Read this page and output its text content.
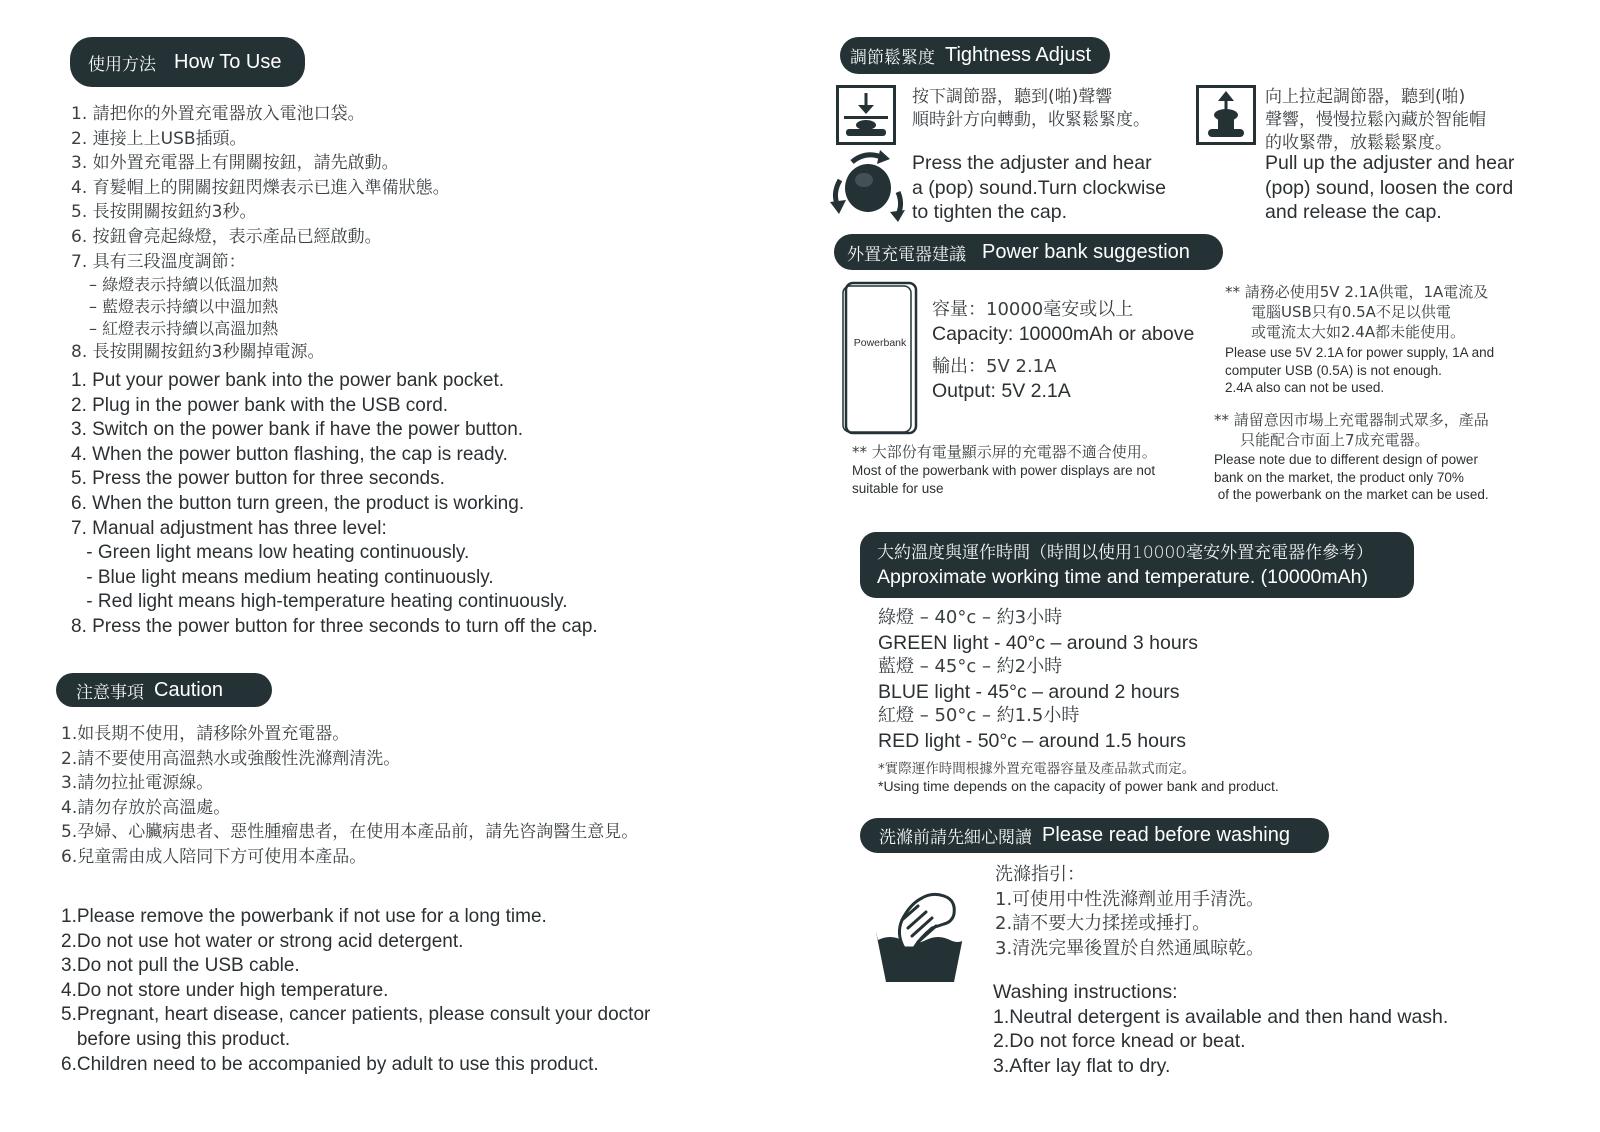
使用方法 How To Use
1. 請把你的外置充電器放入電池口袋。
2. 連接上上USB插頭。
3. 如外置充電器上有開關按鈕，請先啟動。
4. 育髮帽上的開關按鈕閃爍表示已進入準備狀態。
5. 長按開關按鈕約3秒。
6. 按鈕會亮起綠燈，表示產品已經啟動。
7. 具有三段溫度調節：
– 綠燈表示持續以低溫加熱
– 藍燈表示持續以中溫加熱
– 紅燈表示持續以高溫加熱
8. 長按開關按鈕約3秒關掉電源。
1. Put your power bank into the power bank pocket.
2. Plug in the power bank with the USB cord.
3. Switch on the power bank if have the power button.
4. When the power button flashing, the cap is ready.
5. Press the power button for three seconds.
6. When the button turn green, the product is working.
7. Manual adjustment has three level:
- Green light means low heating continuously.
- Blue light means medium heating continuously.
- Red light means high-temperature heating continuously.
8. Press the power button for three seconds to turn off the cap.
注意事項 Caution
1.如長期不使用，請移除外置充電器。
2.請不要使用高溫熱水或強酸性洗滌劑清洗。
3.請勿拉扯電源線。
4.請勿存放於高溫處。
5.孕婦、心臟病患者、惡性腫瘤患者，在使用本產品前，請先咨詢醫生意見。
6.兒童需由成人陪同下方可使用本產品。
1.Please remove the powerbank if not use for a long time.
2.Do not use hot water or strong acid detergent.
3.Do not pull the USB cable.
4.Do not store under high temperature.
5.Pregnant, heart disease, cancer patients, please consult your doctor
before using this product.
6.Children need to be accompanied by adult to use this product.
調節鬆緊度 Tightness Adjust
按下調節器，聽到(啪)聲響
順時針方向轉動，收緊鬆緊度。
Press the adjuster and hear
a (pop) sound.Turn clockwise
to tighten the cap.
向上拉起調節器，聽到(啪)
聲響，慢慢拉鬆內藏於智能帽
的收緊帶，放鬆鬆緊度。
Pull up the adjuster and hear
(pop) sound, loosen the cord
and release the cap.
外置充電器建議 Power bank suggestion
Powerbank
容量：10000毫安或以上
Capacity: 10000mAh or above
輸出：5V 2.1A
Output: 5V 2.1A
** 大部份有電量顯示屏的充電器不適合使用。
Most of the powerbank with power displays are not
suitable for use
** 請務必使用5V 2.1A供電，1A電流及
電腦USB只有0.5A不足以供電
或電流太大如2.4A都未能使用。
Please use 5V 2.1A for power supply, 1A and
computer USB (0.5A) is not enough.
2.4A also can not be used.
** 請留意因市場上充電器制式眾多，產品
只能配合市面上7成充電器。
Please note due to different design of power
bank on the market, the product only 70%
of the powerbank on the market can be used.
大約溫度與運作時間（時間以使用10000毫安外置充電器作參考）
Approximate working time and temperature. (10000mAh)
綠燈 – 40°c – 約3小時
GREEN light - 40°c – around 3 hours
藍燈 – 45°c – 約2小時
BLUE light - 45°c – around 2 hours
紅燈 – 50°c – 約1.5小時
RED light - 50°c – around 1.5 hours
*實際運作時間根據外置充電器容量及產品款式而定。
*Using time depends on the capacity of power bank and product.
洗滌前請先細心閱讀 Please read before washing
洗滌指引：
1.可使用中性洗滌劑並用手清洗。
2.請不要大力揉搓或捶打。
3.清洗完畢後置於自然通風晾乾。
Washing instructions:
1.Neutral detergent is available and then hand wash.
2.Do not force knead or beat.
3.After lay flat to dry.
